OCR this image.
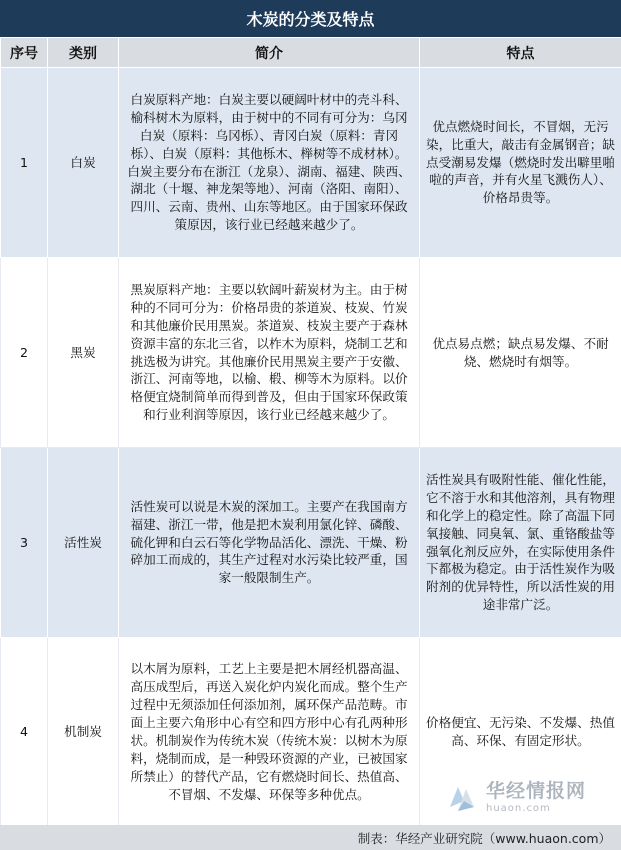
木炭的分类及特点
序号	类别	简介	特点
1	白炭	白炭原料产地：白炭主要以硬阔叶材中的壳斗科、榆科树木为原料，由于树中的不同有可分为：乌冈白炭（原料：乌冈栎）、青冈白炭（原料：青冈栎）、白炭（原料：其他栎木、榉树等不成材林）。白炭主要分布在浙江（龙泉）、湖南、福建、陕西、湖北（十堰、神龙架等地）、河南（洛阳、南阳）、四川、云南、贵州、山东等地区。由于国家环保政策原因，该行业已经越来越少了。	优点燃烧时间长，不冒烟，无污染，比重大，敲击有金属钢音；缺点受潮易发爆（燃烧时发出噼里啪啦的声音，并有火星飞溅伤人）、价格昂贵等。
2	黑炭	黑炭原料产地：主要以软阔叶薪炭材为主。由于树种的不同可分为：价格昂贵的茶道炭、枝炭、竹炭和其他廉价民用黑炭。茶道炭、枝炭主要产于森林资源丰富的东北三省，以柞木为原料，烧制工艺和挑选极为讲究。其他廉价民用黑炭主要产于安徽、浙江、河南等地，以榆、椴、柳等木为原料。以价格便宜烧制简单而得到普及，但由于国家环保政策和行业利润等原因，该行业已经越来越少了。	优点易点燃；缺点易发爆、不耐烧、燃烧时有烟等。
3	活性炭	活性炭可以说是木炭的深加工。主要产在我国南方福建、浙江一带，他是把木炭利用氯化锌、磷酸、硫化钾和白云石等化学物品活化、漂洗、干燥、粉碎加工而成的，其生产过程对水污染比较严重，国家一般限制生产。	活性炭具有吸附性能、催化性能，它不溶于水和其他溶剂，具有物理和化学上的稳定性。除了高温下同氧接触、同臭氧、氯、重铬酸盐等强氧化剂反应外，在实际使用条件下都极为稳定。由于活性炭作为吸附剂的优异特性，所以活性炭的用途非常广泛。
4	机制炭	以木屑为原料，工艺上主要是把木屑经机器高温、高压成型后，再送入炭化炉内炭化而成。整个生产过程中无须添加任何添加剂，属环保产品范畴。市面上主要六角形中心有空和四方形中心有孔两种形状。机制炭作为传统木炭（传统木炭：以树木为原料，烧制而成，是一种毁环资源的产业，已被国家所禁止）的替代产品，它有燃烧时间长、热值高、不冒烟、不发爆、环保等多种优点。	价格便宜、无污染、不发爆、热值高、环保、有固定形状。
制表：华经产业研究院（www.huaon.com）
华经情报网
huaon.com
